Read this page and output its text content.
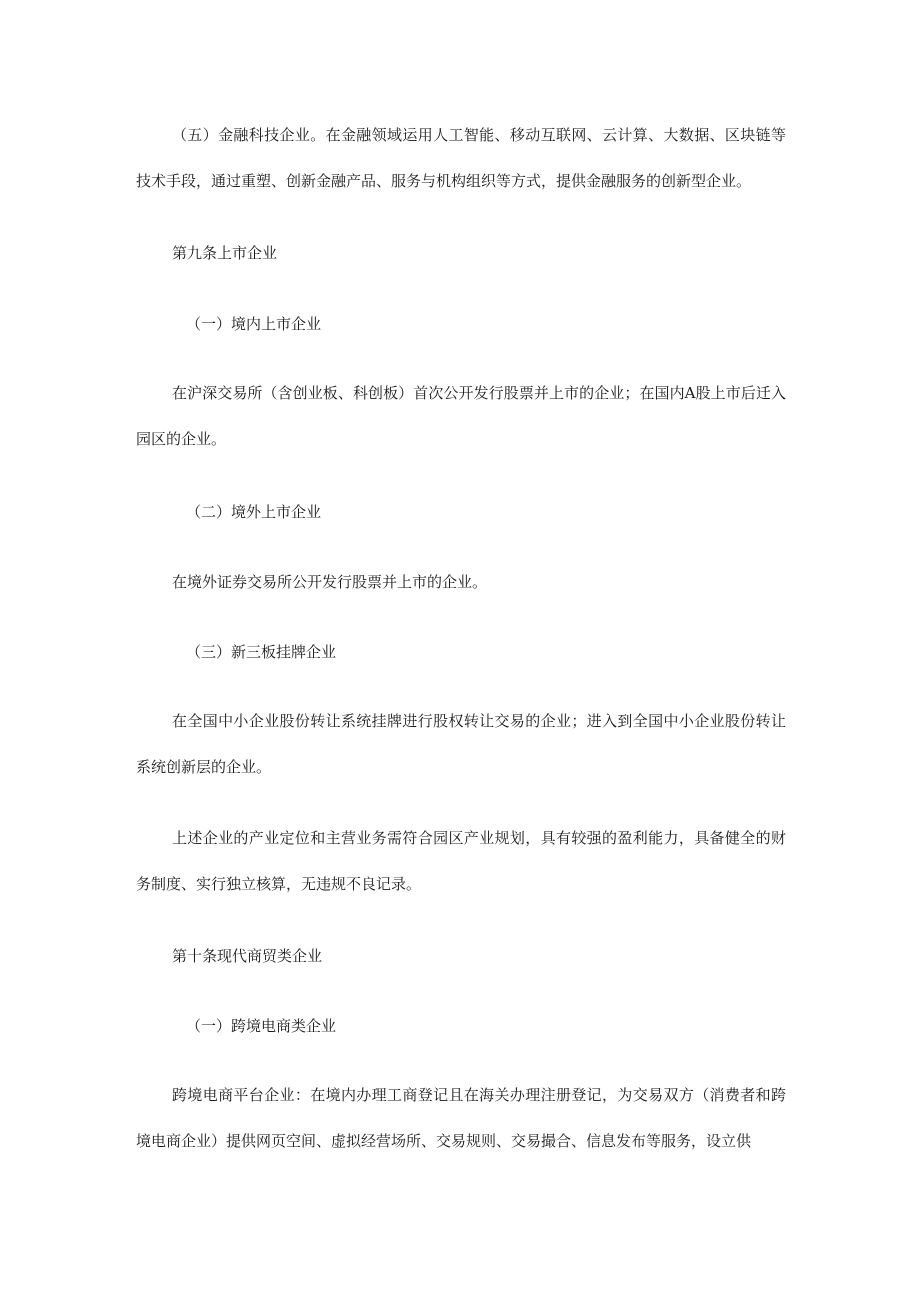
（五）金融科技企业。在金融领域运用人工智能、移动互联网、云计算、大数据、区块链等技术手段，通过重塑、创新金融产品、服务与机构组织等方式，提供金融服务的创新型企业。
第九条上市企业
（一）境内上市企业
在沪深交易所（含创业板、科创板）首次公开发行股票并上市的企业；在国内A股上市后迁入园区的企业。
（二）境外上市企业
在境外证券交易所公开发行股票并上市的企业。
（三）新三板挂牌企业
在全国中小企业股份转让系统挂牌进行股权转让交易的企业；进入到全国中小企业股份转让系统创新层的企业。
上述企业的产业定位和主营业务需符合园区产业规划，具有较强的盈利能力，具备健全的财务制度、实行独立核算，无违规不良记录。
第十条现代商贸类企业
（一）跨境电商类企业
跨境电商平台企业：在境内办理工商登记且在海关办理注册登记，为交易双方（消费者和跨境电商企业）提供网页空间、虚拟经营场所、交易规则、交易撮合、信息发布等服务，设立供
